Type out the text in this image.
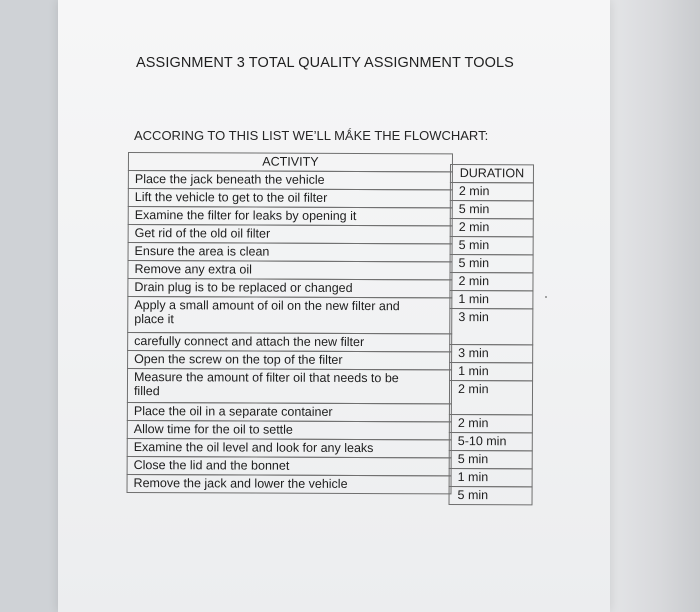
ASSIGNMENT 3 TOTAL QUALITY ASSIGNMENT TOOLS
ACCORING TO THIS LIST WE’LL MǺKE THE FLOWCHART:
ACTIVITY
Place the jack beneath the vehicle
Lift the vehicle to get to the oil filter
Examine the filter for leaks by opening it
Get rid of the old oil filter
Ensure the area is clean
Remove any extra oil
Drain plug is to be replaced or changed
Apply a small amount of oil on the new filter and place it
carefully connect and attach the new filter
Open the screw on the top of the filter
Measure the amount of filter oil that needs to be filled
Place the oil in a separate container
Allow time for the oil to settle
Examine the oil level and look for any leaks
Close the lid and the bonnet
Remove the jack and lower the vehicle
DURATION
2 min
5 min
2 min
5 min
5 min
2 min
1 min
3 min
3 min
1 min
2 min
2 min
5-10 min
5 min
1 min
5 min
